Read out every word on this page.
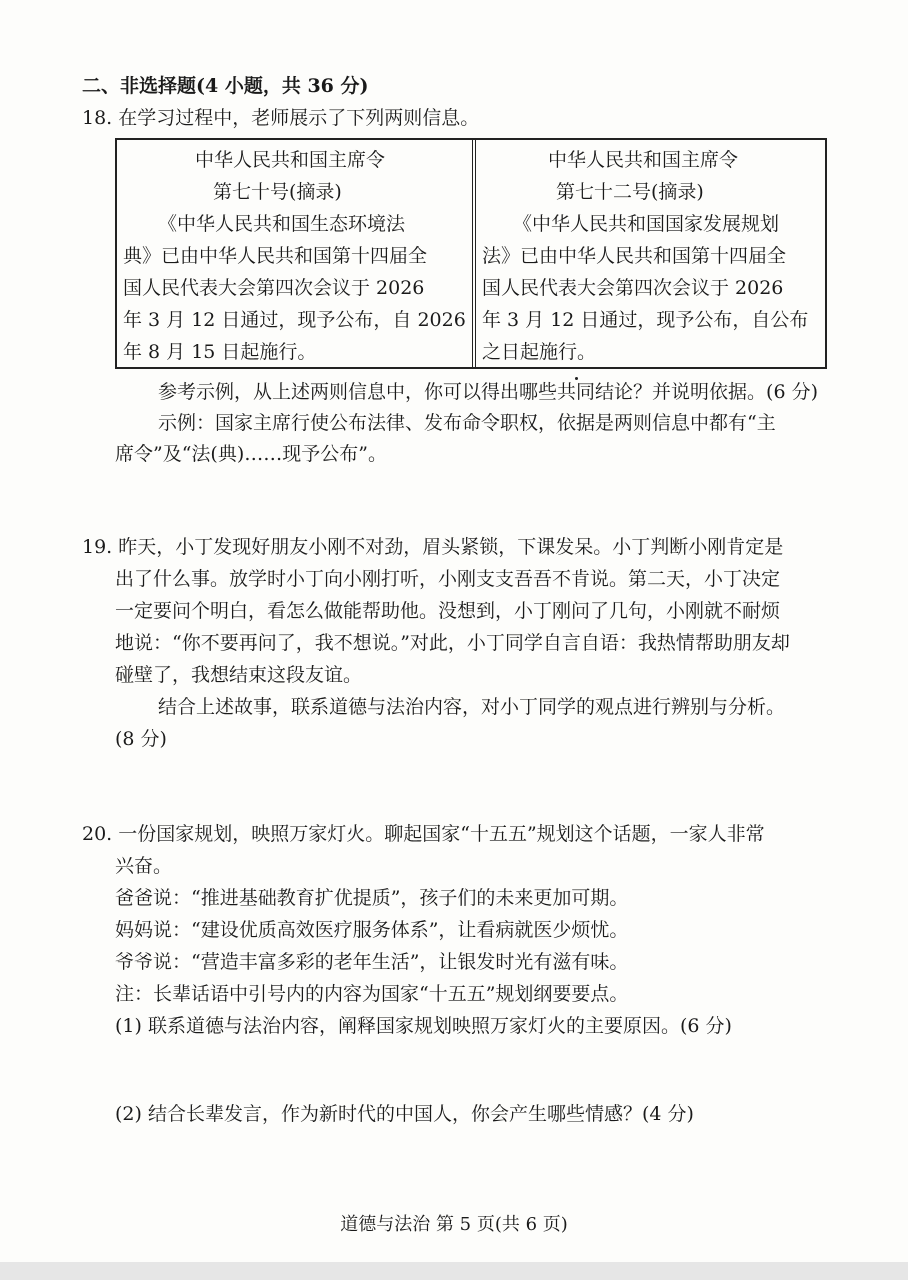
二、非选择题(4 小题，共 36 分)
18. 在学习过程中，老师展示了下列两则信息。
中华人民共和国主席令
第七十号(摘录)
《中华人民共和国生态环境法
典》已由中华人民共和国第十四届全
国人民代表大会第四次会议于 2026
年 3 月 12 日通过，现予公布，自 2026
年 8 月 15 日起施行。
中华人民共和国主席令
第七十二号(摘录)
《中华人民共和国国家发展规划
法》已由中华人民共和国第十四届全
国人民代表大会第四次会议于 2026
年 3 月 12 日通过，现予公布，自公布
之日起施行。
参考示例，从上述两则信息中，你可以得出哪些共同结论？并说明依据。(6 分)
示例：国家主席行使公布法律、发布命令职权，依据是两则信息中都有“主
席令”及“法(典)……现予公布”。
19. 昨天，小丁发现好朋友小刚不对劲，眉头紧锁，下课发呆。小丁判断小刚肯定是
出了什么事。放学时小丁向小刚打听，小刚支支吾吾不肯说。第二天，小丁决定
一定要问个明白，看怎么做能帮助他。没想到，小丁刚问了几句，小刚就不耐烦
地说：“你不要再问了，我不想说。”对此，小丁同学自言自语：我热情帮助朋友却
碰壁了，我想结束这段友谊。
结合上述故事，联系道德与法治内容，对小丁同学的观点进行辨别与分析。
(8 分)
20. 一份国家规划，映照万家灯火。聊起国家“十五五”规划这个话题，一家人非常
兴奋。
爸爸说：“推进基础教育扩优提质”，孩子们的未来更加可期。
妈妈说：“建设优质高效医疗服务体系”，让看病就医少烦忧。
爷爷说：“营造丰富多彩的老年生活”，让银发时光有滋有味。
注：长辈话语中引号内的内容为国家“十五五”规划纲要要点。
(1) 联系道德与法治内容，阐释国家规划映照万家灯火的主要原因。(6 分)
(2) 结合长辈发言，作为新时代的中国人，你会产生哪些情感？(4 分)
道德与法治 第 5 页(共 6 页)
